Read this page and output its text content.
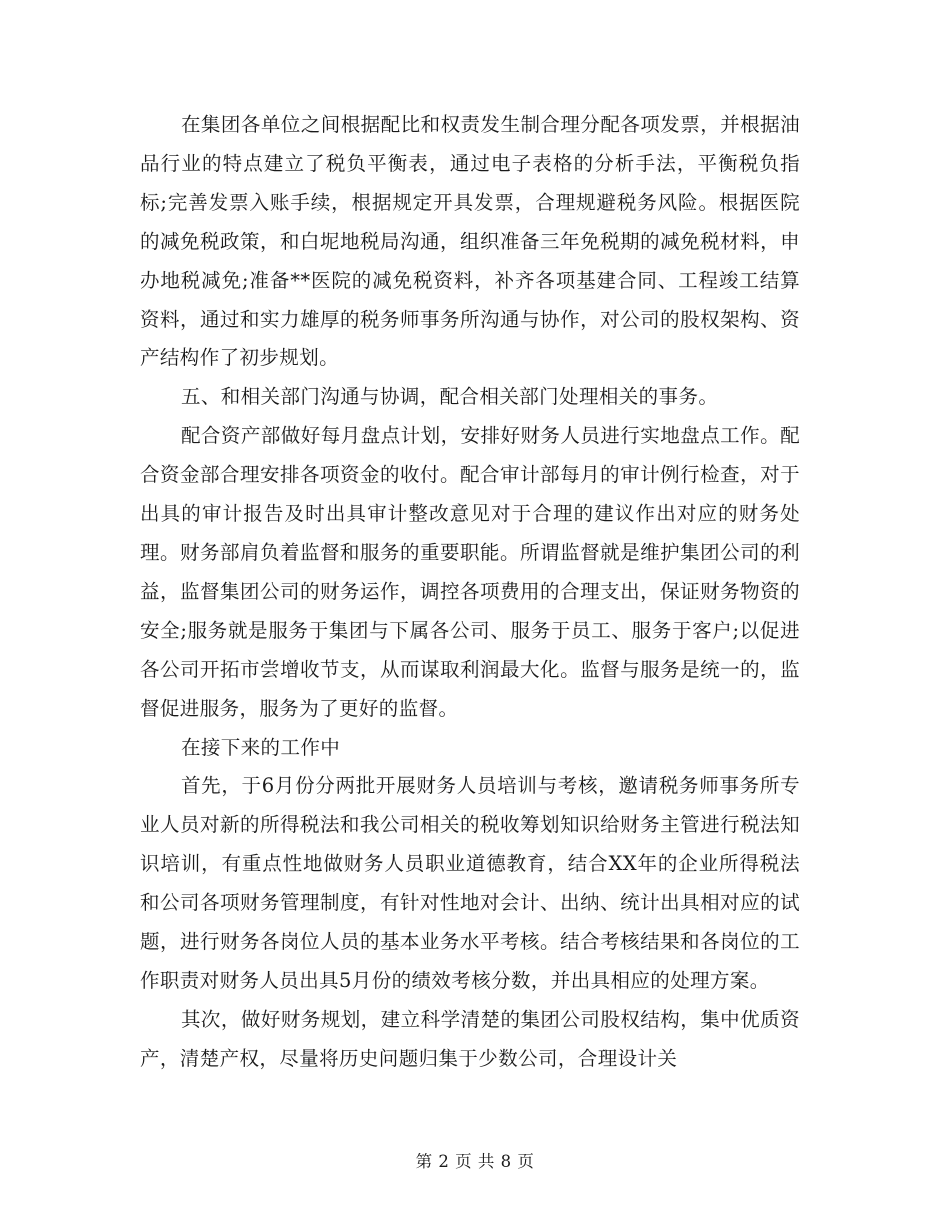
在集团各单位之间根据配比和权责发生制合理分配各项发票，并根据油品行业的特点建立了税负平衡表，通过电子表格的分析手法，平衡税负指标;完善发票入账手续，根据规定开具发票，合理规避税务风险。根据医院的减免税政策，和白坭地税局沟通，组织准备三年免税期的减免税材料，申办地税减免;准备**医院的减免税资料，补齐各项基建合同、工程竣工结算资料，通过和实力雄厚的税务师事务所沟通与协作，对公司的股权架构、资产结构作了初步规划。

五、和相关部门沟通与协调，配合相关部门处理相关的事务。

配合资产部做好每月盘点计划，安排好财务人员进行实地盘点工作。配合资金部合理安排各项资金的收付。配合审计部每月的审计例行检查，对于出具的审计报告及时出具审计整改意见对于合理的建议作出对应的财务处理。财务部肩负着监督和服务的重要职能。所谓监督就是维护集团公司的利益，监督集团公司的财务运作，调控各项费用的合理支出，保证财务物资的安全;服务就是服务于集团与下属各公司、服务于员工、服务于客户;以促进各公司开拓市尝增收节支，从而谋取利润最大化。监督与服务是统一的，监督促进服务，服务为了更好的监督。

在接下来的工作中

首先，于6月份分两批开展财务人员培训与考核，邀请税务师事务所专业人员对新的所得税法和我公司相关的税收筹划知识给财务主管进行税法知识培训，有重点性地做财务人员职业道德教育，结合XX年的企业所得税法和公司各项财务管理制度，有针对性地对会计、出纳、统计出具相对应的试题，进行财务各岗位人员的基本业务水平考核。结合考核结果和各岗位的工作职责对财务人员出具5月份的绩效考核分数，并出具相应的处理方案。

其次，做好财务规划，建立科学清楚的集团公司股权结构，集中优质资产，清楚产权，尽量将历史问题归集于少数公司，合理设计关

第 2 页 共 8 页
